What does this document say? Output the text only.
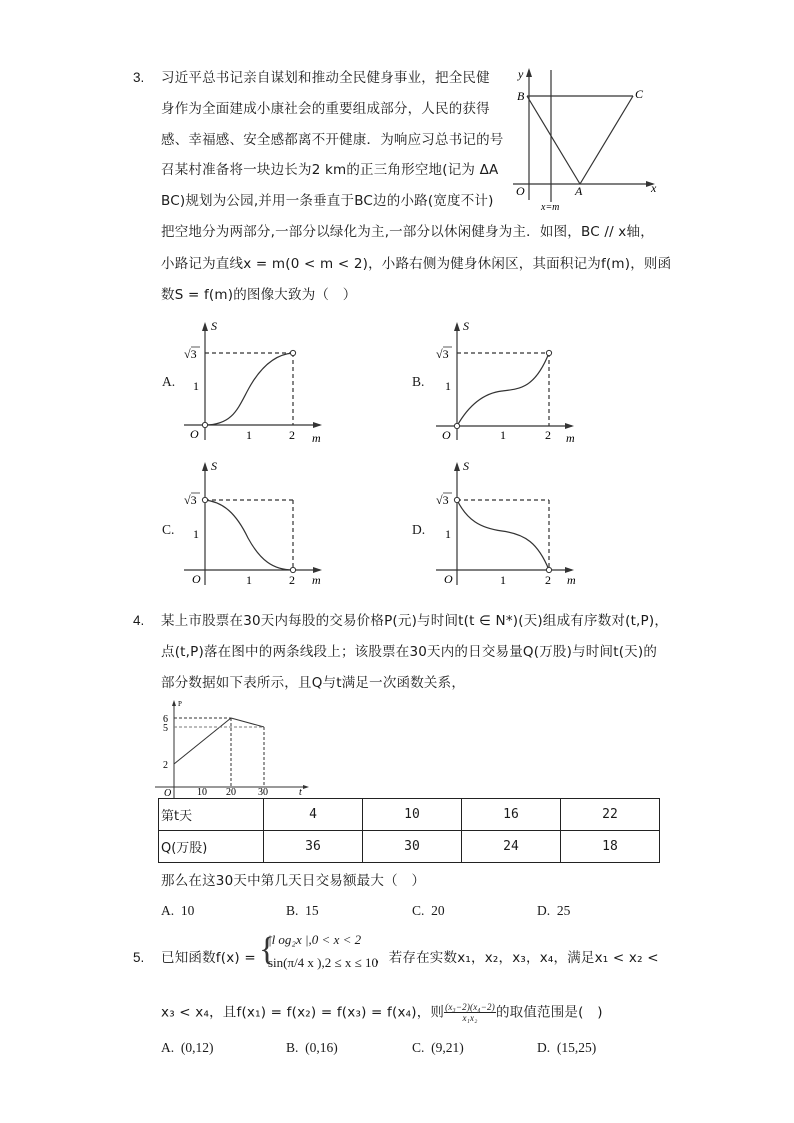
3. 习近平总书记亲自谋划和推动全民健身事业，把全民健
身作为全面建成小康社会的重要组成部分，人民的获得
感、幸福感、安全感都离不开健康．为响应习总书记的号
召某村准备将一块边长为2 km的正三角形空地(记为 ΔA
BC)规划为公园,并用一条垂直于BC边的小路(宽度不计)
把空地分为两部分,一部分以绿化为主,一部分以休闲健身为主．如图，BC // x轴，
小路记为直线x = m(0 < m < 2)，小路右侧为健身休闲区，其面积记为f(m)，则函
数S = f(m)的图像大致为（　）
y
B	C
O	A	x
x=m
A.
S
√3
1
O	1	2 m
B.
S
√3
1
O	1	2 m
C.
S
√3
1
O	1	2 m
D.
S
√3
1
O	1	2 m
4. 某上市股票在30天内每股的交易价格P(元)与时间t(t ∈ N*)(天)组成有序数对(t,P)，
点(t,P)落在图中的两条线段上；该股票在30天内的日交易量Q(万股)与时间t(天)的
部分数据如下表所示，且Q与t满足一次函数关系，
P
6
5
2
O	10 20 30	t
第t天	4	10	16	22
Q(万股)	36	30	24	18
那么在这30天中第几天日交易额最大（　）
A. 10	B. 15	C. 20	D. 25
5. 已知函数f(x) = {
|l og₂x |,0 < x < 2
sin(π/4 x ),2 ≤ x ≤ 10
，若存在实数x₁，x₂，x₃，x₄，满足x₁ < x₂ <
x₃ < x₄，且f(x₁) = f(x₂) = f(x₃) = f(x₄)，则 $\frac{\text{(x₃−2)(x₄−2)}}{\text{x₁x₂}}$ 的取值范围是(　)
A. (0,12)	B. (0,16)	C. (9,21)	D. (15,25)
